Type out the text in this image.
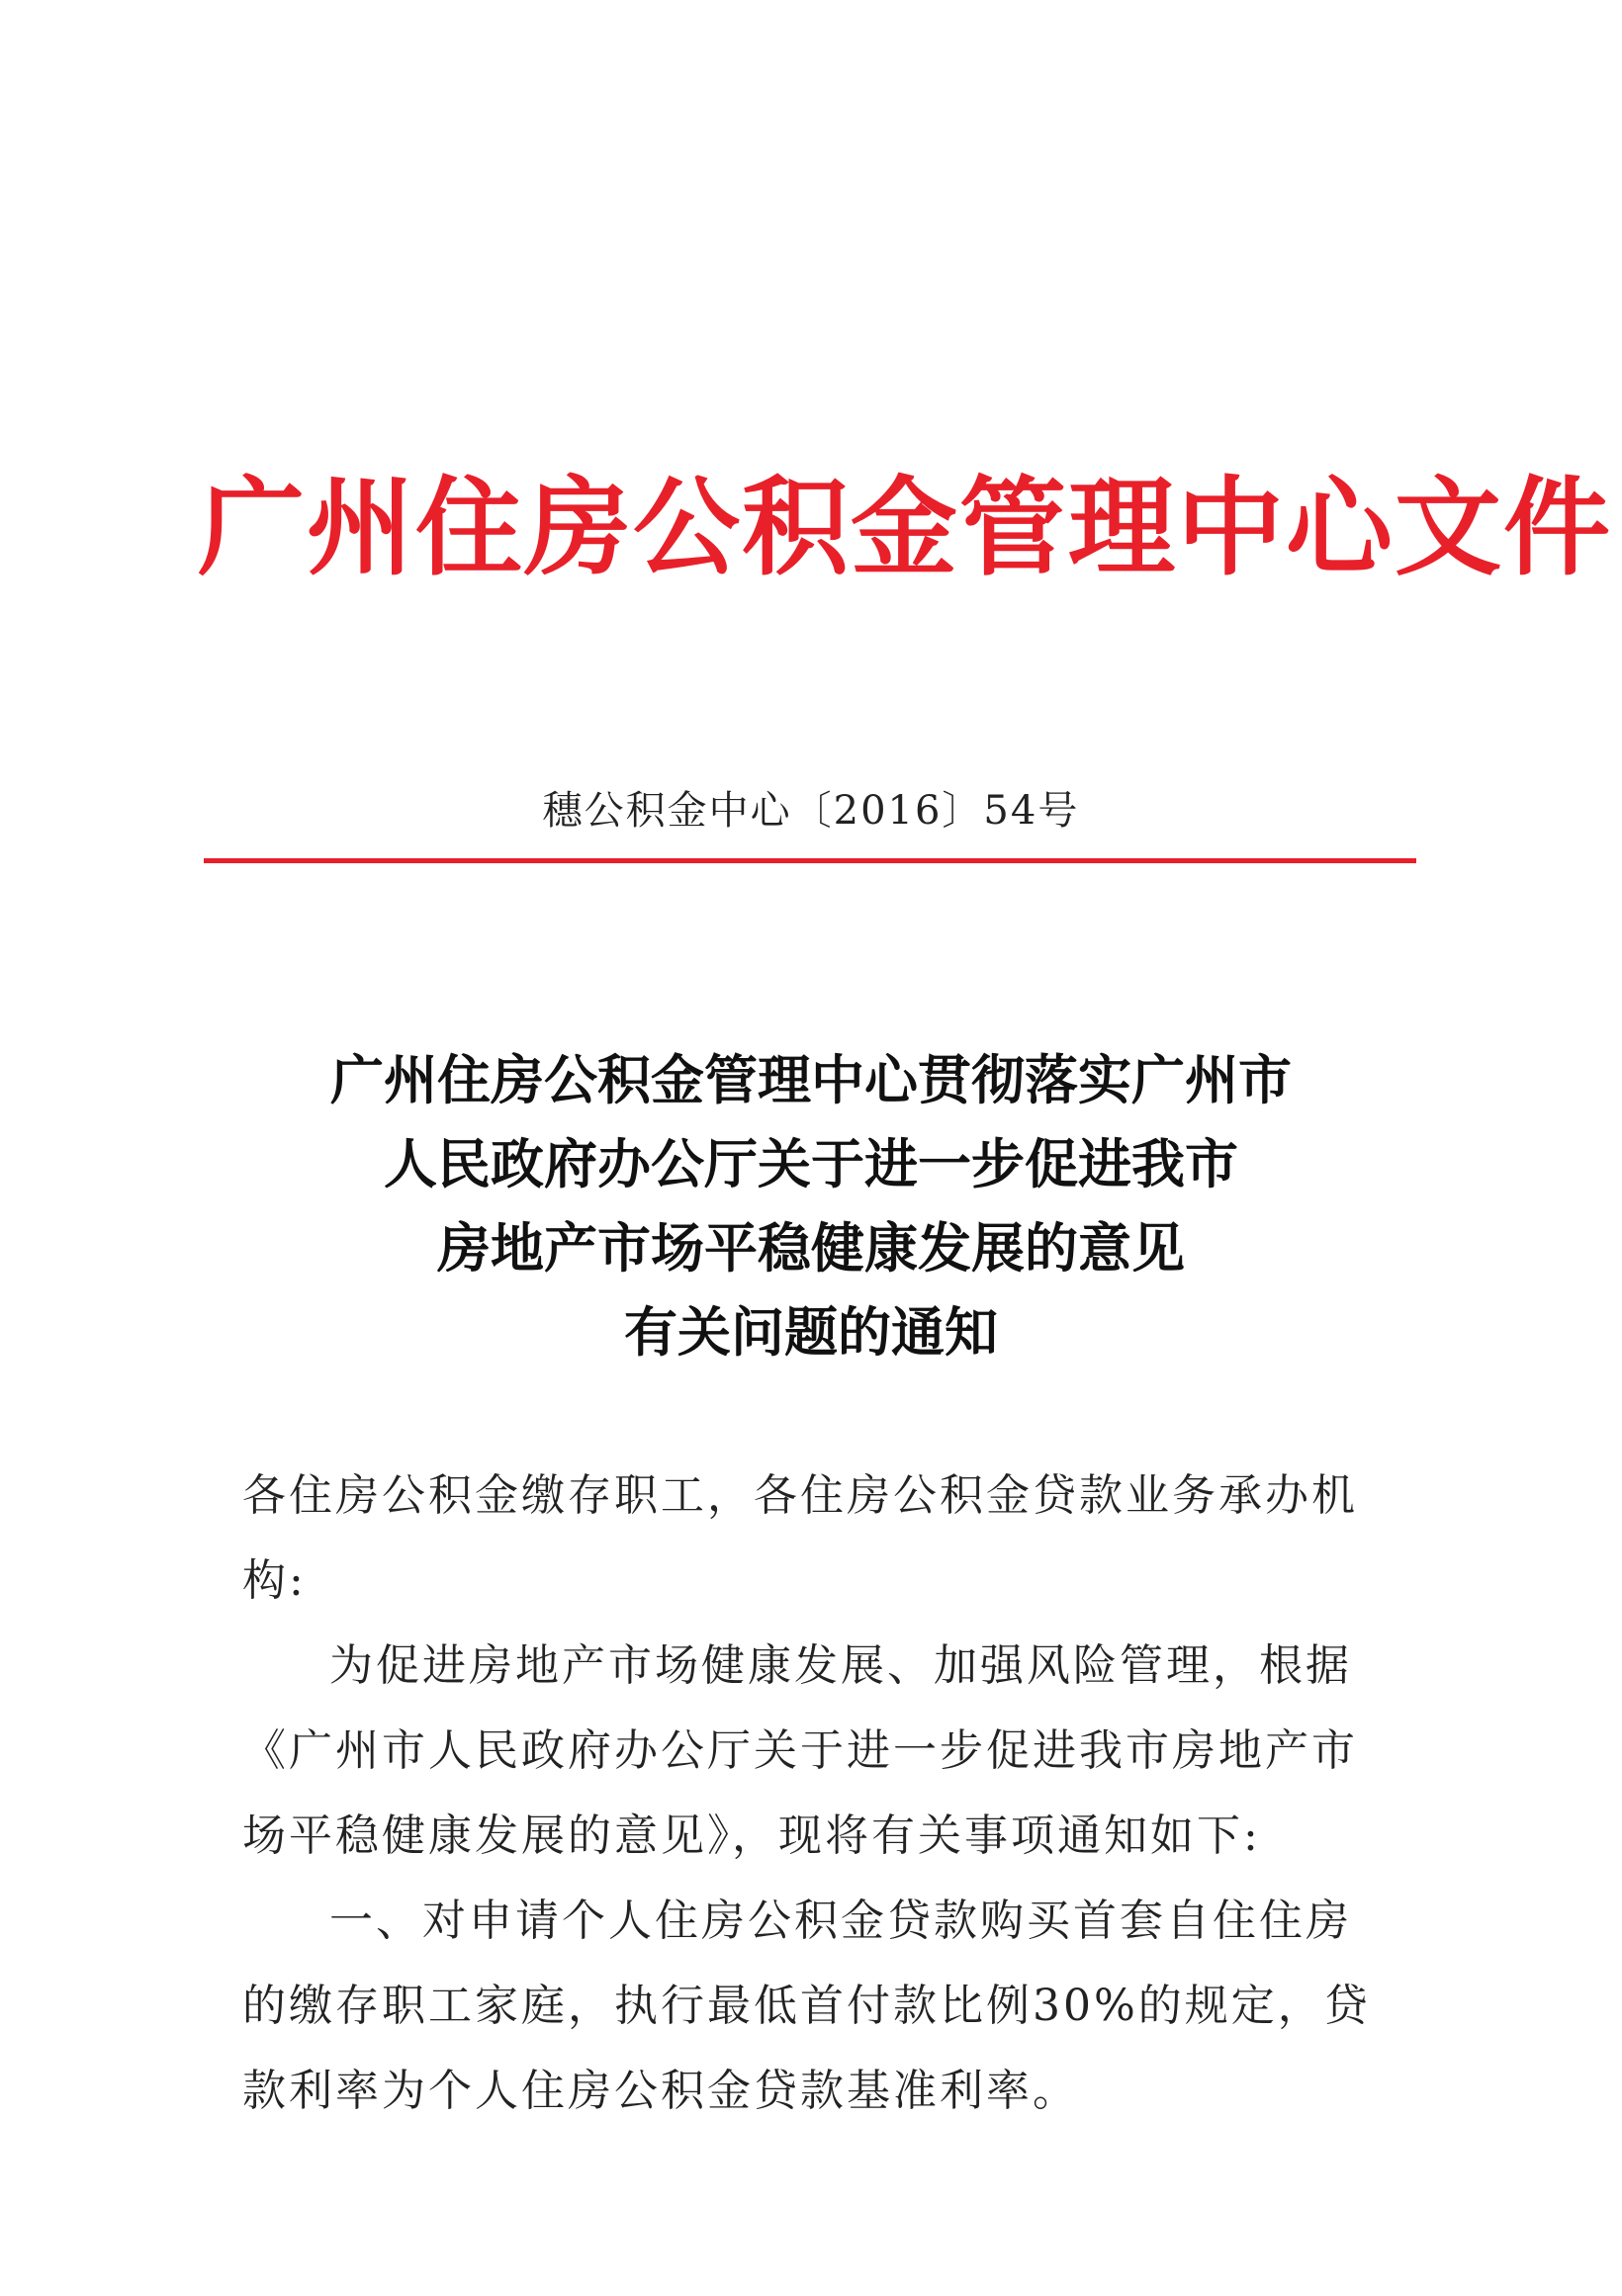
广州住房公积金管理中心文件
穗公积金中心〔2016〕54号
广州住房公积金管理中心贯彻落实广州市
人民政府办公厅关于进一步促进我市
房地产市场平稳健康发展的意见
有关问题的通知

各住房公积金缴存职工，各住房公积金贷款业务承办机构:

为促进房地产市场健康发展、加强风险管理，根据《广州市人民政府办公厅关于进一步促进我市房地产市场平稳健康发展的意见》，现将有关事项通知如下:

一、对申请个人住房公积金贷款购买首套自住住房的缴存职工家庭，执行最低首付款比例30%的规定，贷款利率为个人住房公积金贷款基准利率。
